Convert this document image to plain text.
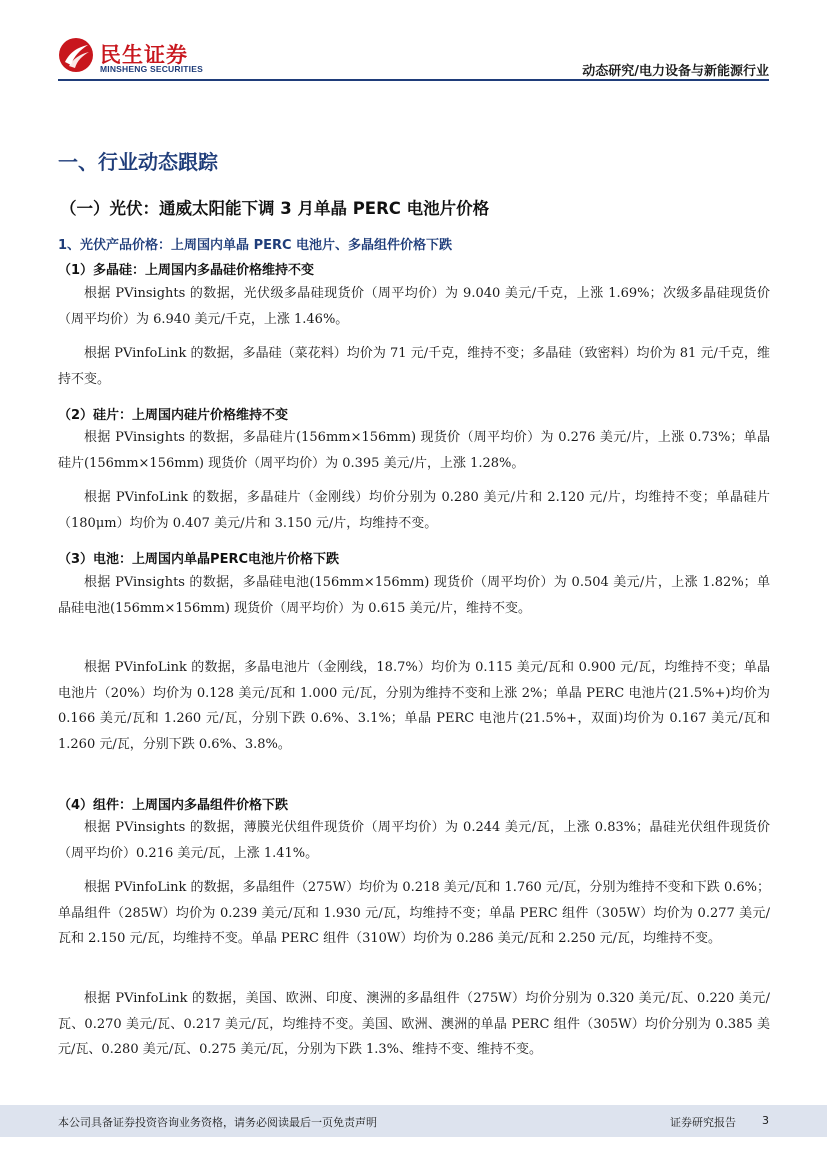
民生证券
MINSHENG SECURITIES	动态研究/电力设备与新能源行业
一、行业动态跟踪
（一）光伏：通威太阳能下调 3 月单晶 PERC 电池片价格
1、光伏产品价格：上周国内单晶 PERC 电池片、多晶组件价格下跌
（1）多晶硅：上周国内多晶硅价格维持不变
根据 PVinsights 的数据，光伏级多晶硅现货价（周平均价）为 9.040 美元/千克，上涨 1.69%；次级多晶硅现货价（周平均价）为 6.940 美元/千克，上涨 1.46%。
根据 PVinfoLink 的数据，多晶硅（菜花料）均价为 71 元/千克，维持不变；多晶硅（致密料）均价为 81 元/千克，维持不变。
（2）硅片：上周国内硅片价格维持不变
根据 PVinsights 的数据，多晶硅片(156mm×156mm) 现货价（周平均价）为 0.276 美元/片，上涨 0.73%；单晶硅片(156mm×156mm) 现货价（周平均价）为 0.395 美元/片，上涨 1.28%。
根据 PVinfoLink 的数据，多晶硅片（金刚线）均价分别为 0.280 美元/片和 2.120 元/片，均维持不变；单晶硅片（180μm）均价为 0.407 美元/片和 3.150 元/片，均维持不变。
（3）电池：上周国内单晶PERC电池片价格下跌
根据 PVinsights 的数据，多晶硅电池(156mm×156mm) 现货价（周平均价）为 0.504 美元/片，上涨 1.82%；单晶硅电池(156mm×156mm) 现货价（周平均价）为 0.615 美元/片，维持不变。
根据 PVinfoLink 的数据，多晶电池片（金刚线，18.7%）均价为 0.115 美元/瓦和 0.900 元/瓦，均维持不变；单晶电池片（20%）均价为 0.128 美元/瓦和 1.000 元/瓦，分别为维持不变和上涨 2%；单晶 PERC 电池片(21.5%+)均价为 0.166 美元/瓦和 1.260 元/瓦，分别下跌 0.6%、3.1%；单晶 PERC 电池片(21.5%+，双面)均价为 0.167 美元/瓦和 1.260 元/瓦，分别下跌 0.6%、3.8%。
（4）组件：上周国内多晶组件价格下跌
根据 PVinsights 的数据，薄膜光伏组件现货价（周平均价）为 0.244 美元/瓦，上涨 0.83%；晶硅光伏组件现货价（周平均价）0.216 美元/瓦，上涨 1.41%。
根据 PVinfoLink 的数据，多晶组件（275W）均价为 0.218 美元/瓦和 1.760 元/瓦，分别为维持不变和下跌 0.6%；单晶组件（285W）均价为 0.239 美元/瓦和 1.930 元/瓦，均维持不变；单晶 PERC 组件（305W）均价为 0.277 美元/瓦和 2.150 元/瓦，均维持不变。单晶 PERC 组件（310W）均价为 0.286 美元/瓦和 2.250 元/瓦，均维持不变。
根据 PVinfoLink 的数据，美国、欧洲、印度、澳洲的多晶组件（275W）均价分别为 0.320 美元/瓦、0.220 美元/瓦、0.270 美元/瓦、0.217 美元/瓦，均维持不变。美国、欧洲、澳洲的单晶 PERC 组件（305W）均价分别为 0.385 美元/瓦、0.280 美元/瓦、0.275 美元/瓦，分别为下跌 1.3%、维持不变、维持不变。
本公司具备证券投资咨询业务资格，请务必阅读最后一页免责声明	证券研究报告 3
